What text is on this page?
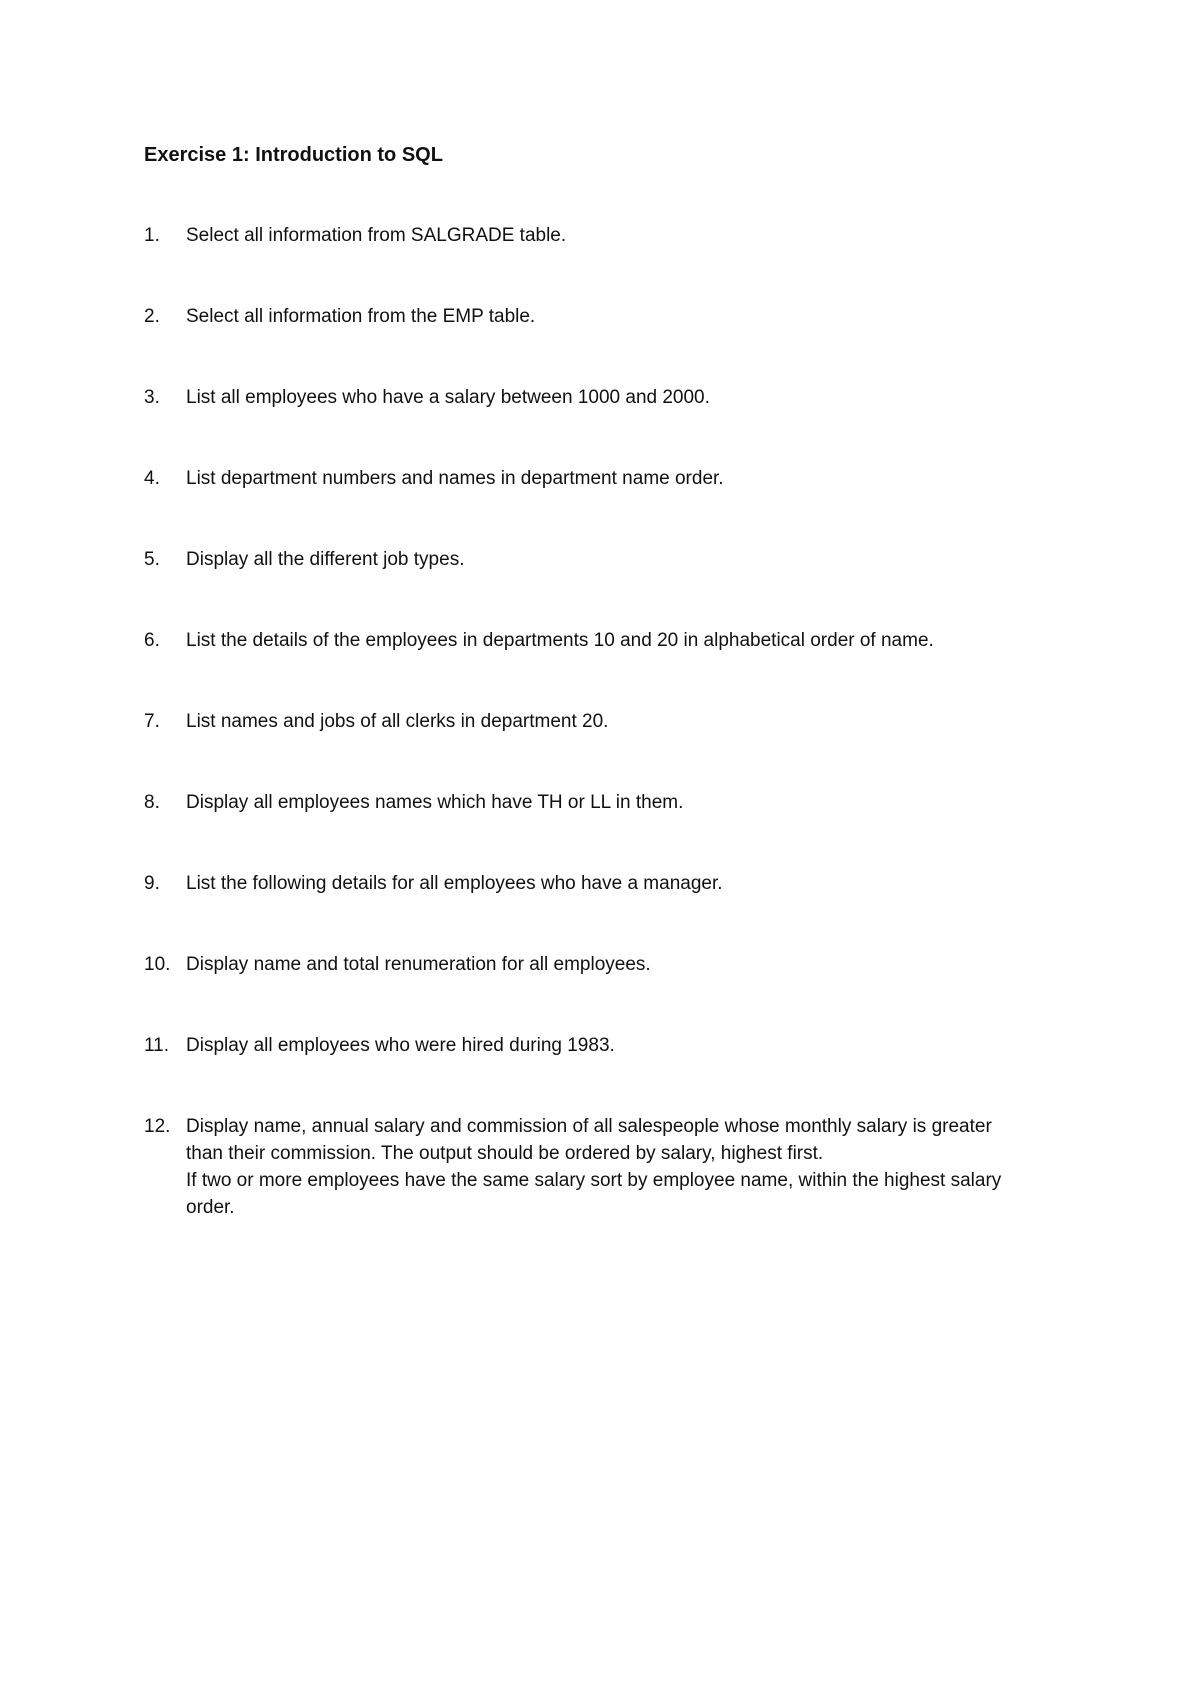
Exercise 1: Introduction to SQL
1.	Select all information from SALGRADE table.
2.	Select all information from the EMP table.
3.	List all employees who have a salary between 1000 and 2000.
4.	List department numbers and names in department name order.
5.	Display all the different job types.
6.	List the details of the employees in departments 10 and 20 in alphabetical order of name.
7.	List names and jobs of all clerks in department 20.
8.	Display all employees names which have TH or LL in them.
9.	List the following details for all employees who have a manager.
10. Display name and total renumeration for all employees.
11. Display all employees who were hired during 1983.
12. Display name, annual salary and commission of all salespeople whose monthly salary is greater
than their commission. The output should be ordered by salary, highest first.
If two or more employees have the same salary sort by employee name, within the highest salary
order.
